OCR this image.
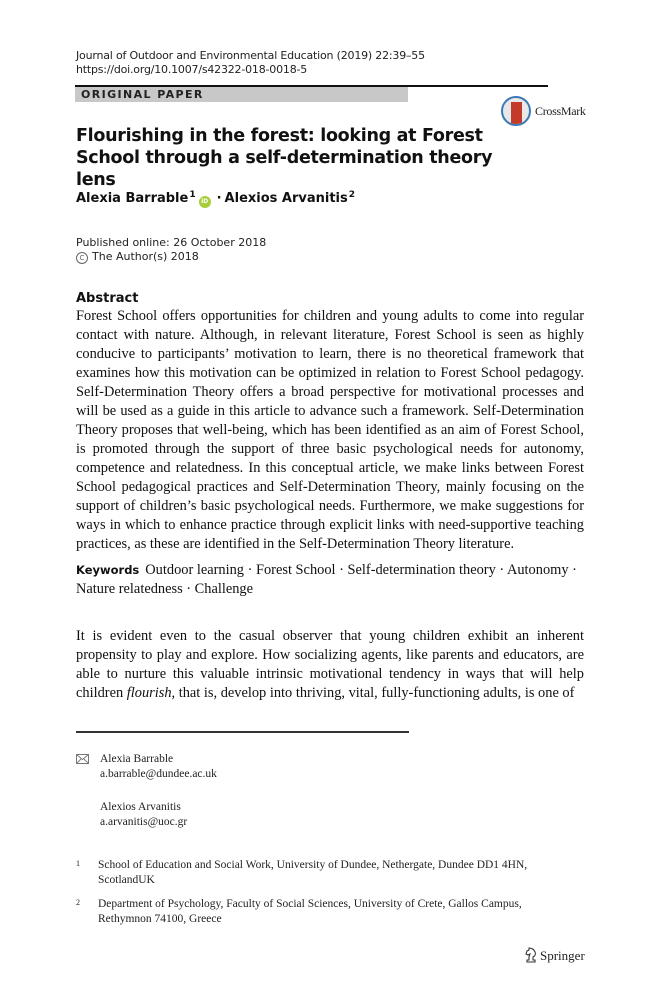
Journal of Outdoor and Environmental Education (2019) 22:39–55
https://doi.org/10.1007/s42322-018-0018-5
ORIGINAL PAPER
CrossMark
Flourishing in the forest: looking at Forest School through a self-determination theory lens
Alexia Barrable$^1$iD · Alexios Arvanitis$^2$
Published online: 26 October 2018
C The Author(s) 2018
Abstract
Forest School offers opportunities for children and young adults to come into regular contact with nature. Although, in relevant literature, Forest School is seen as highly conducive to participants’ motivation to learn, there is no theoretical framework that examines how this motivation can be optimized in relation to Forest School pedagogy. Self-Determination Theory offers a broad perspective for motivational processes and will be used as a guide in this article to advance such a framework. Self-Determination Theory proposes that well-being, which has been identified as an aim of Forest School, is promoted through the support of three basic psychological needs for autonomy, competence and relatedness. In this conceptual article, we make links between Forest School pedagogical practices and Self-Determination Theory, mainly focusing on the support of children’s basic psychological needs. Furthermore, we make suggestions for ways in which to enhance practice through explicit links with need-supportive teaching practices, as these are identified in the Self-Determination Theory literature.
Keywords Outdoor learning · Forest School · Self-determination theory · Autonomy · Nature relatedness · Challenge
It is evident even to the casual observer that young children exhibit an inherent propensity to play and explore. How socializing agents, like parents and educators, are able to nurture this valuable intrinsic motivational tendency in ways that will help children flourish, that is, develop into thriving, vital, fully-functioning adults, is one of
Alexia Barrable
a.barrable@dundee.ac.uk
Alexios Arvanitis
a.arvanitis@uoc.gr
1 School of Education and Social Work, University of Dundee, Nethergate, Dundee DD1 4HN, ScotlandUK
2 Department of Psychology, Faculty of Social Sciences, University of Crete, Gallos Campus, Rethymnon 74100, Greece
Springer
